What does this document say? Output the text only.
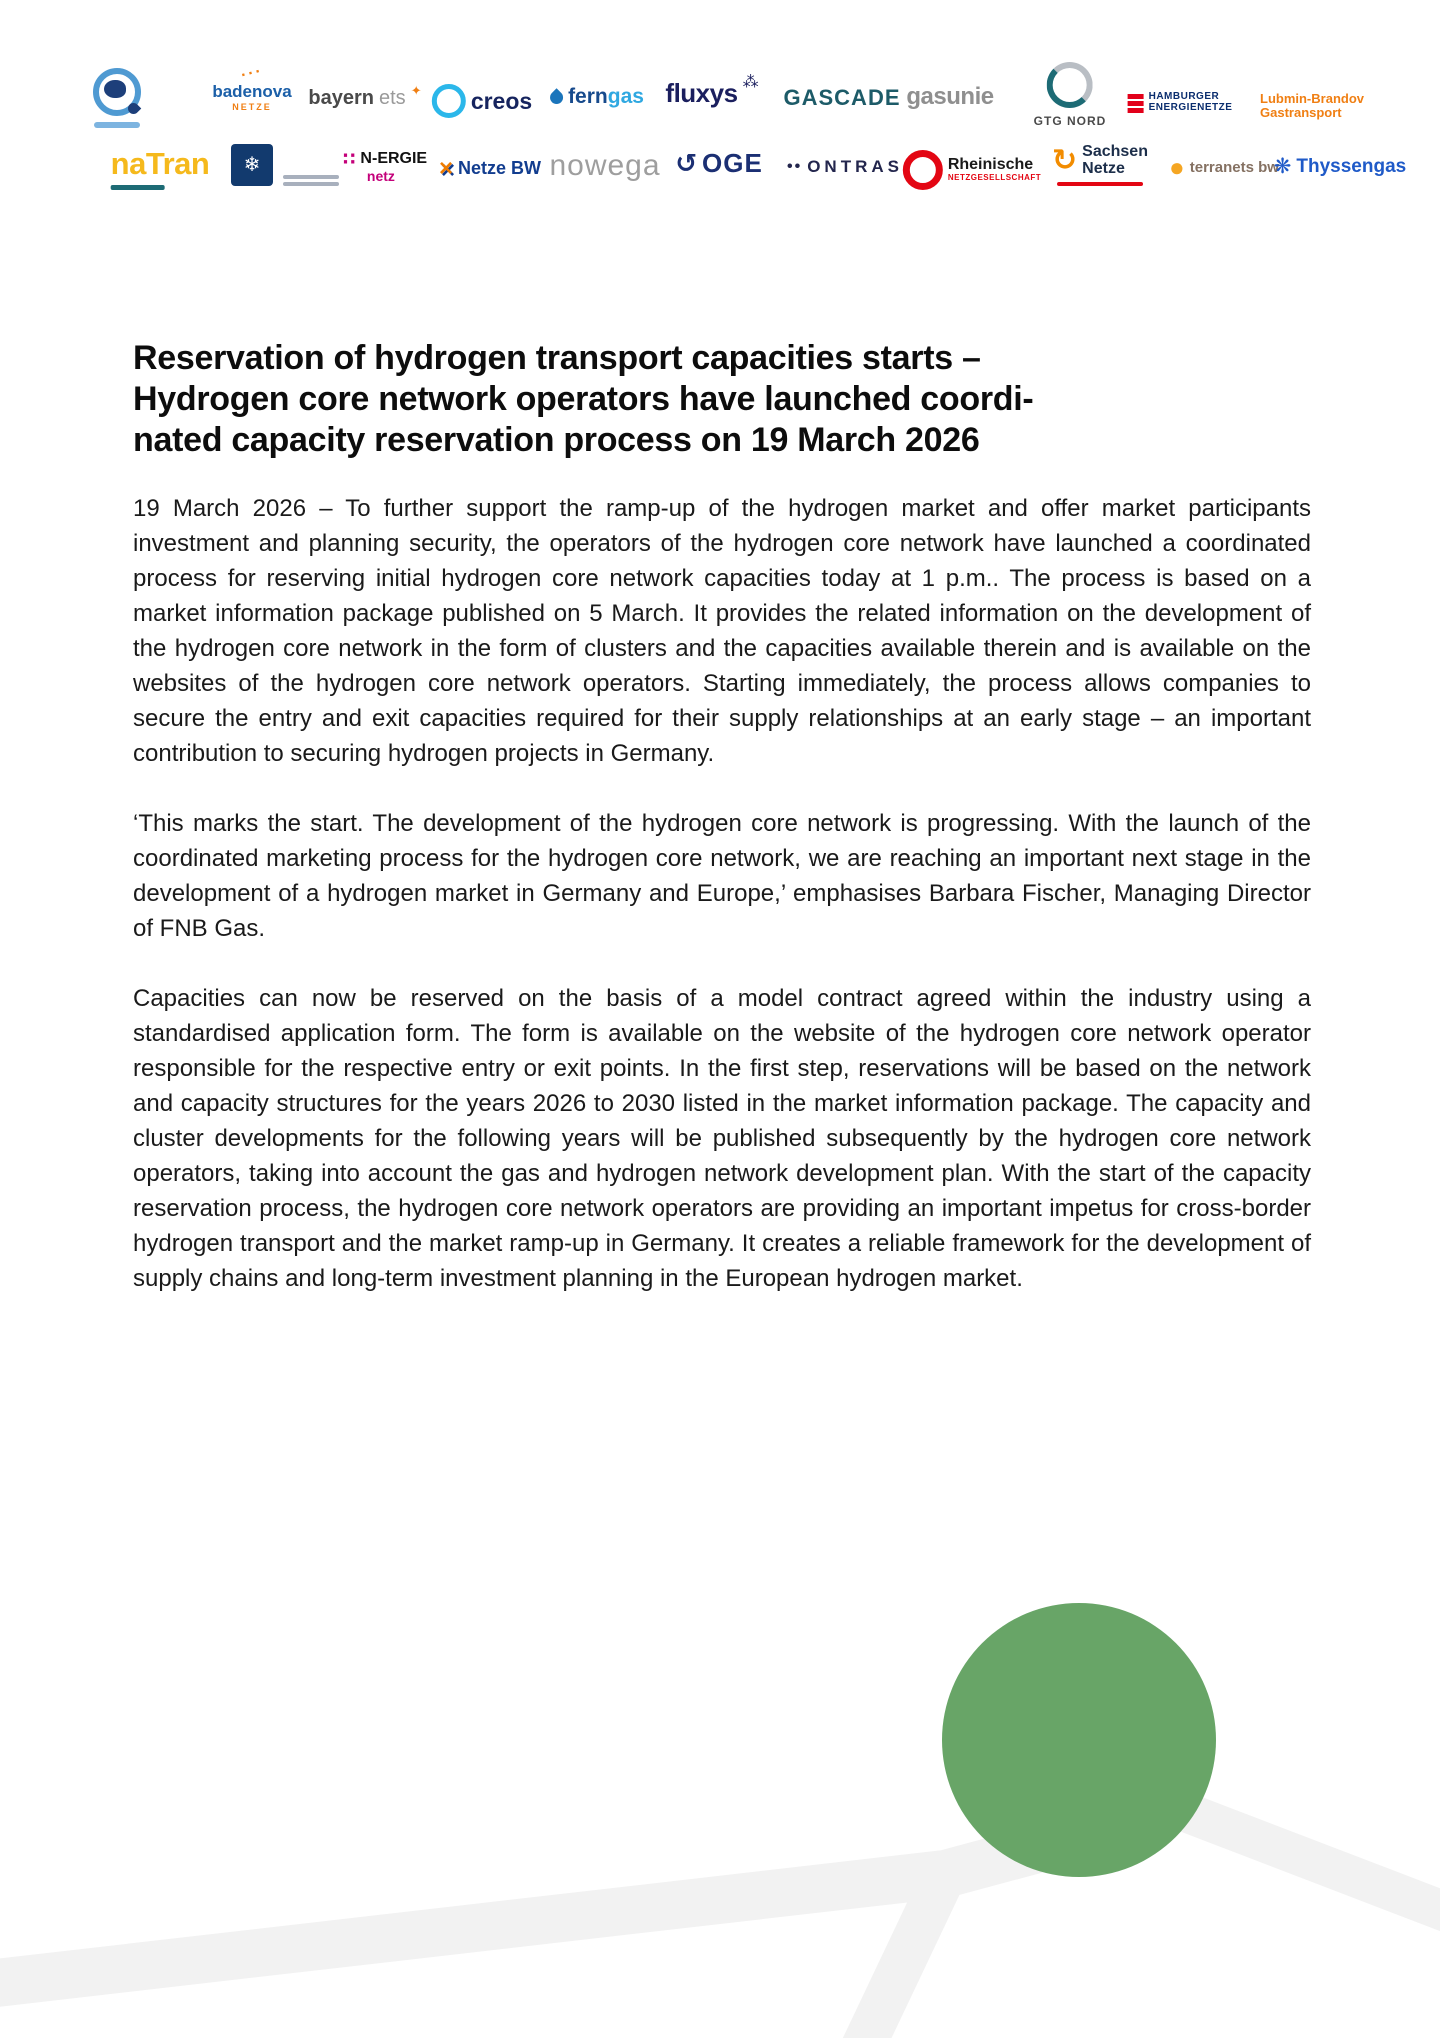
···
badenova
NETZE bayern ets ✦ creos ferngas fluxys ⁂
GASCADE gasunie
GTG NORD
HAMBURGER
ENERGIENETZE
Lubmin-Brandov
Gastransport
naTran	❄	∷ N-ERGIE
netz × Netze BW nowega ↺ OGE •• ONTRAS	Rheinische
NETZGESELLSCHAFT
↻ Sachsen
Netze	● terranets bw
❋ Thyssengas
Reservation of hydrogen transport capacities starts –
Hydrogen core network operators have launched coordi-
nated capacity reservation process on 19 March 2026

19 March 2026 – To further support the ramp-up of the hydrogen market and offer market participants investment and planning security, the operators of the hydrogen core network have launched a coordinated process for reserving initial hydrogen core network capacities today at 1 p.m.. The process is based on a market information package published on 5 March. It provides the related information on the development of the hydrogen core network in the form of clusters and the capacities available therein and is available on the websites of the hydrogen core network operators. Starting immediately, the process allows companies to secure the entry and exit capacities required for their supply relationships at an early stage – an important contribution to securing hydrogen projects in Germany.

‘This marks the start. The development of the hydrogen core network is progressing. With the launch of the coordinated marketing process for the hydrogen core network, we are reaching an important next stage in the development of a hydrogen market in Germany and Europe,’ emphasises Barbara Fischer, Managing Director of FNB Gas.

Capacities can now be reserved on the basis of a model contract agreed within the industry using a standardised application form. The form is available on the website of the hydrogen core network operator responsible for the respective entry or exit points. In the first step, reservations will be based on the network and capacity structures for the years 2026 to 2030 listed in the market information package. The capacity and cluster developments for the following years will be published subsequently by the hydrogen core network operators, taking into account the gas and hydrogen network development plan. With the start of the capacity reservation process, the hydrogen core network operators are providing an important impetus for cross-border hydrogen transport and the market ramp-up in Germany. It creates a reliable framework for the development of supply chains and long-term investment planning in the European hydrogen market.
